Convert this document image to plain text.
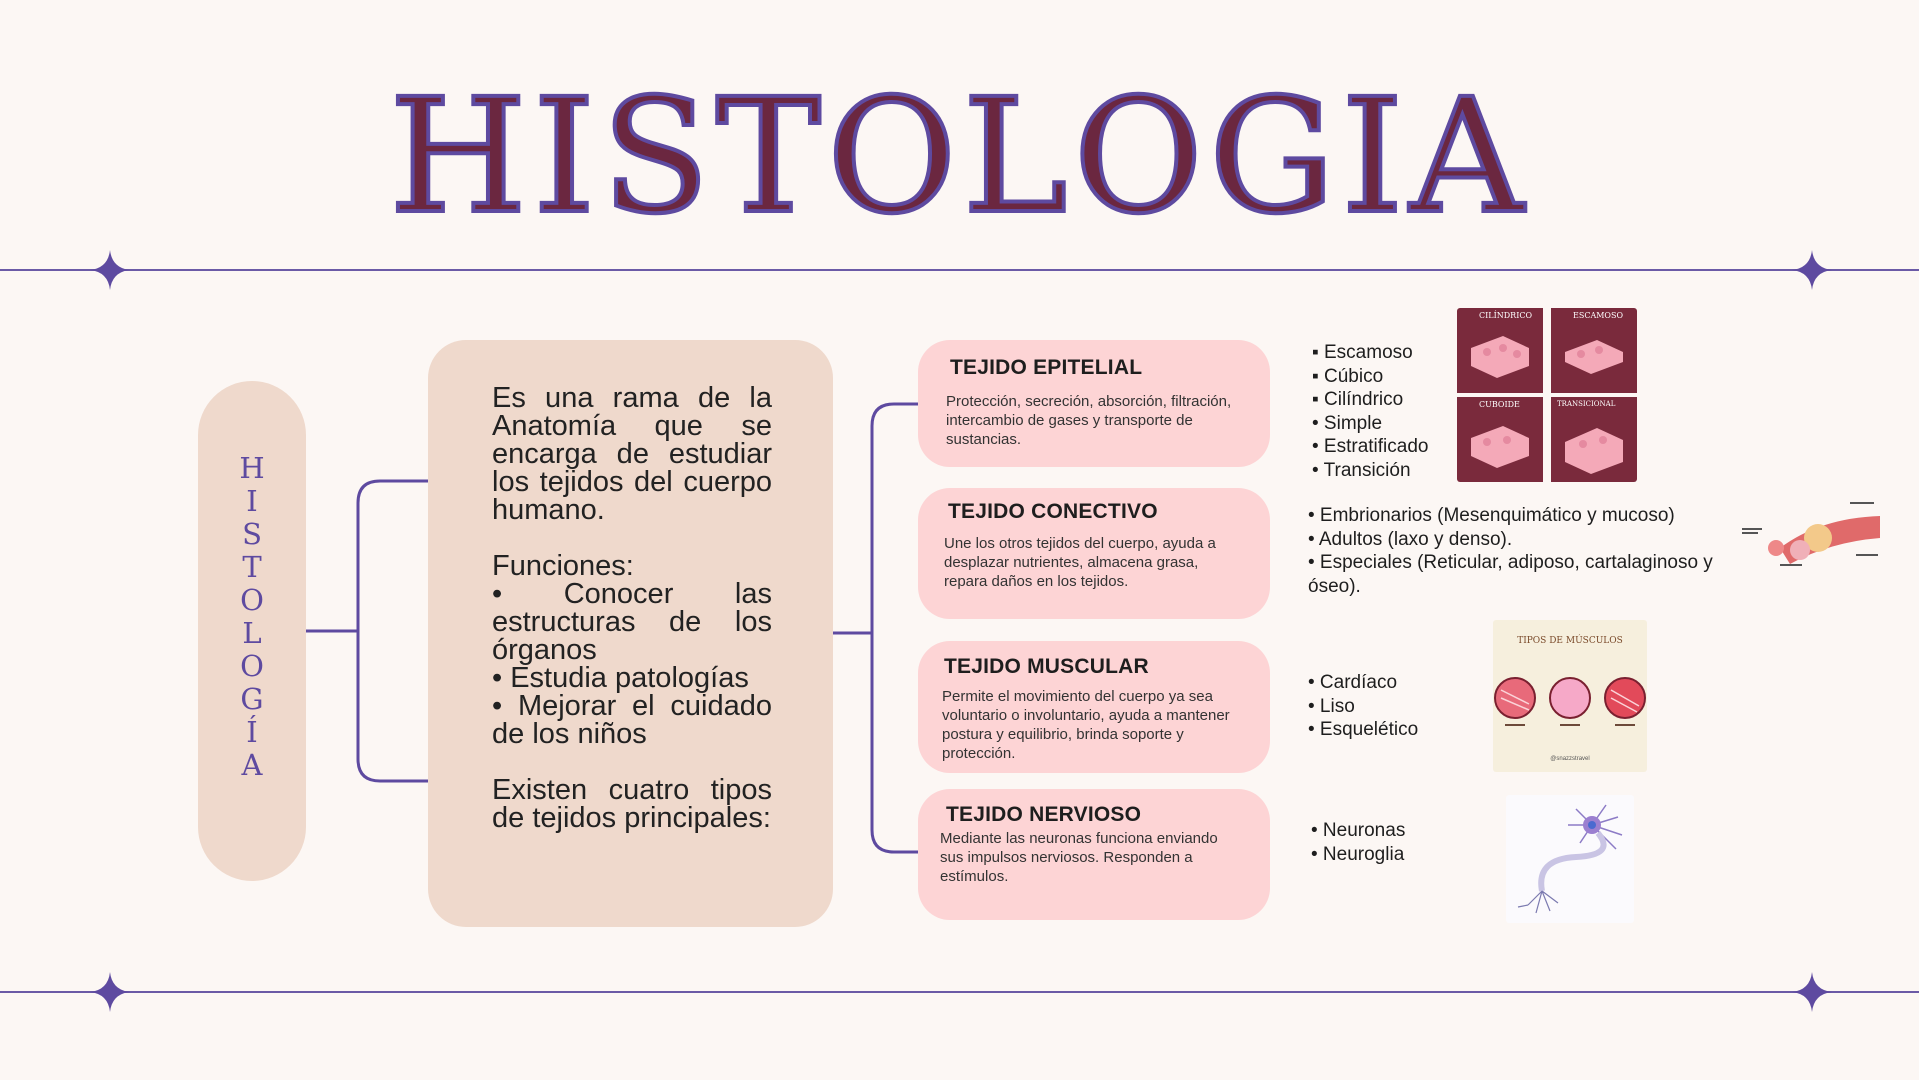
HISTOLOGIA
H
I
S
T
O
L
O
G
Í
A

Es una rama de la Anatomía que se encarga de estudiar los tejidos del cuerpo humano.

Funciones:

• Conocer las estructuras de los órganos

• Estudia patologías

• Mejorar el cuidado de los niños

Existen cuatro tipos de tejidos principales:

TEJIDO EPITELIAL

Protección, secreción, absorción, filtración, intercambio de gases y transporte de sustancias.

TEJIDO CONECTIVO

Une los otros tejidos del cuerpo, ayuda a desplazar nutrientes, almacena grasa, repara daños en los tejidos.

TEJIDO MUSCULAR

Permite el movimiento del cuerpo ya sea voluntario o involuntario, ayuda a mantener postura y equilibrio, brinda soporte y protección.

TEJIDO NERVIOSO

Mediante las neuronas funciona enviando sus impulsos nerviosos. Responden a estímulos.

▪ Escamoso
▪ Cúbico
▪ Cilíndrico
• Simple
• Estratificado
• Transición
• Embrionarios (Mesenquimático y mucoso)
• Adultos (laxo y denso).
• Especiales (Reticular, adiposo, cartalaginoso y
óseo).
• Cardíaco
• Liso
• Esquelético
• Neuronas
• Neuroglia
CILÍNDRICO	ESCAMOSO
CUBOIDE	TRANSICIONAL
TIPOS DE MÚSCULOS
@snazzstravel
